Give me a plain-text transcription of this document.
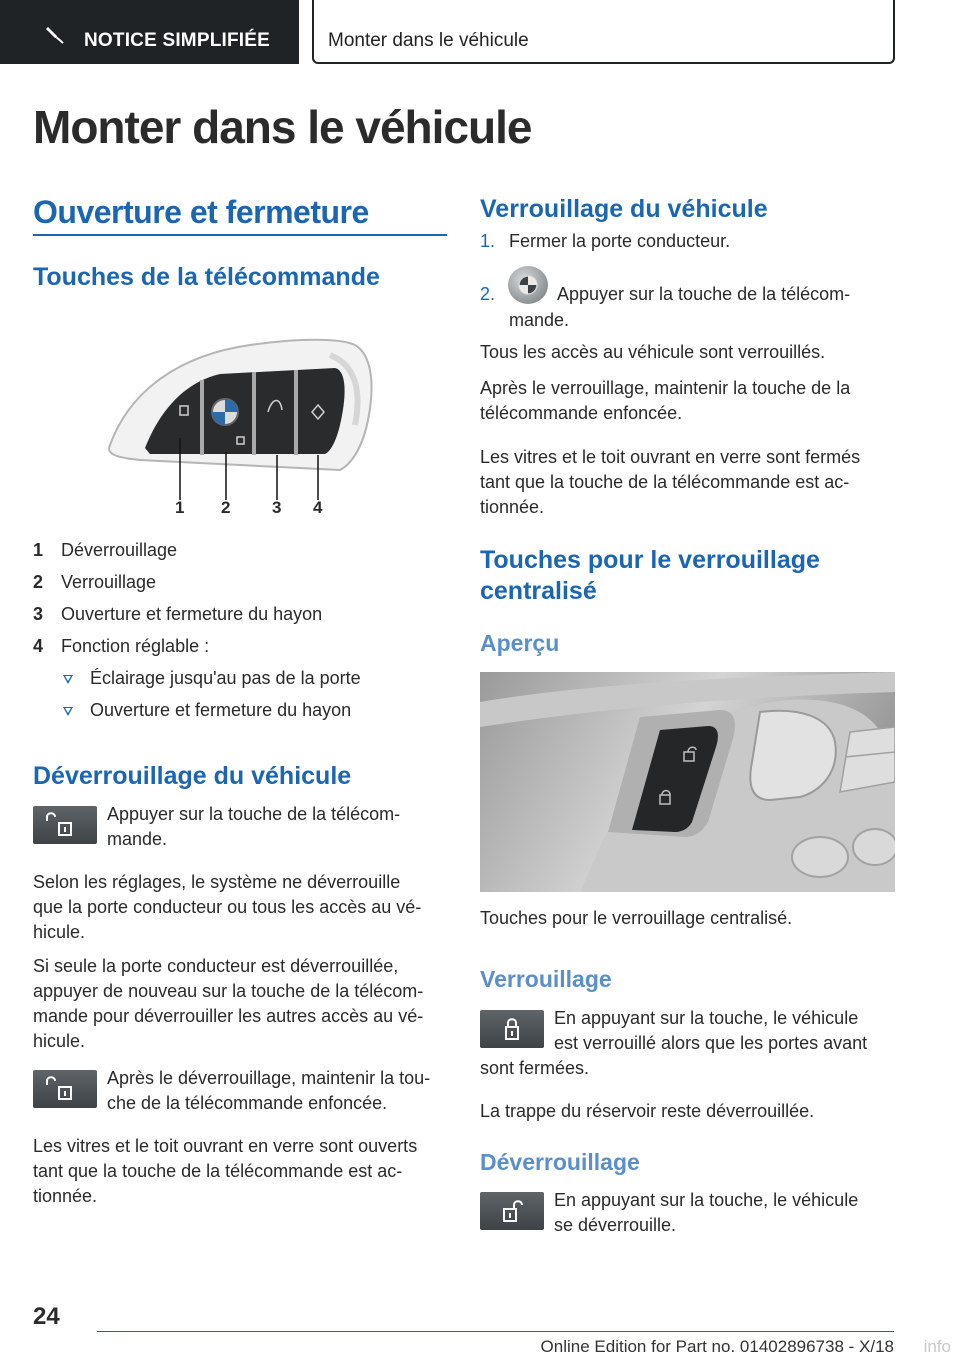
NOTICE SIMPLIFIÉE	Monter dans le véhicule
Monter dans le véhicule
Ouverture et fermeture
Touches de la télécommande
1 2 3 4
1 Déverrouillage
2 Verrouillage
3 Ouverture et fermeture du hayon
4 Fonction réglable :
Éclairage jusqu'au pas de la porte
Ouverture et fermeture du hayon
Déverrouillage du véhicule
Appuyer sur la touche de la télécom-
mande.
Selon les réglages, le système ne déverrouille
que la porte conducteur ou tous les accès au vé-
hicule.
Si seule la porte conducteur est déverrouillée,
appuyer de nouveau sur la touche de la télécom-
mande pour déverrouiller les autres accès au vé-
hicule.
Après le déverrouillage, maintenir la tou-
che de la télécommande enfoncée.
Les vitres et le toit ouvrant en verre sont ouverts
tant que la touche de la télécommande est ac-
tionnée.
Verrouillage du véhicule
1. Fermer la porte conducteur.
2.	Appuyer sur la touche de la télécom-
mande.
Tous les accès au véhicule sont verrouillés.
Après le verrouillage, maintenir la touche de la
télécommande enfoncée.
Les vitres et le toit ouvrant en verre sont fermés
tant que la touche de la télécommande est ac-
tionnée.
Touches pour le verrouillage
centralisé
Aperçu
Touches pour le verrouillage centralisé.
Verrouillage
En appuyant sur la touche, le véhicule
est verrouillé alors que les portes avant
sont fermées.
La trappe du réservoir reste déverrouillée.
Déverrouillage
En appuyant sur la touche, le véhicule
se déverrouille.
24
Online Edition for Part no. 01402896738 - X/18 info
